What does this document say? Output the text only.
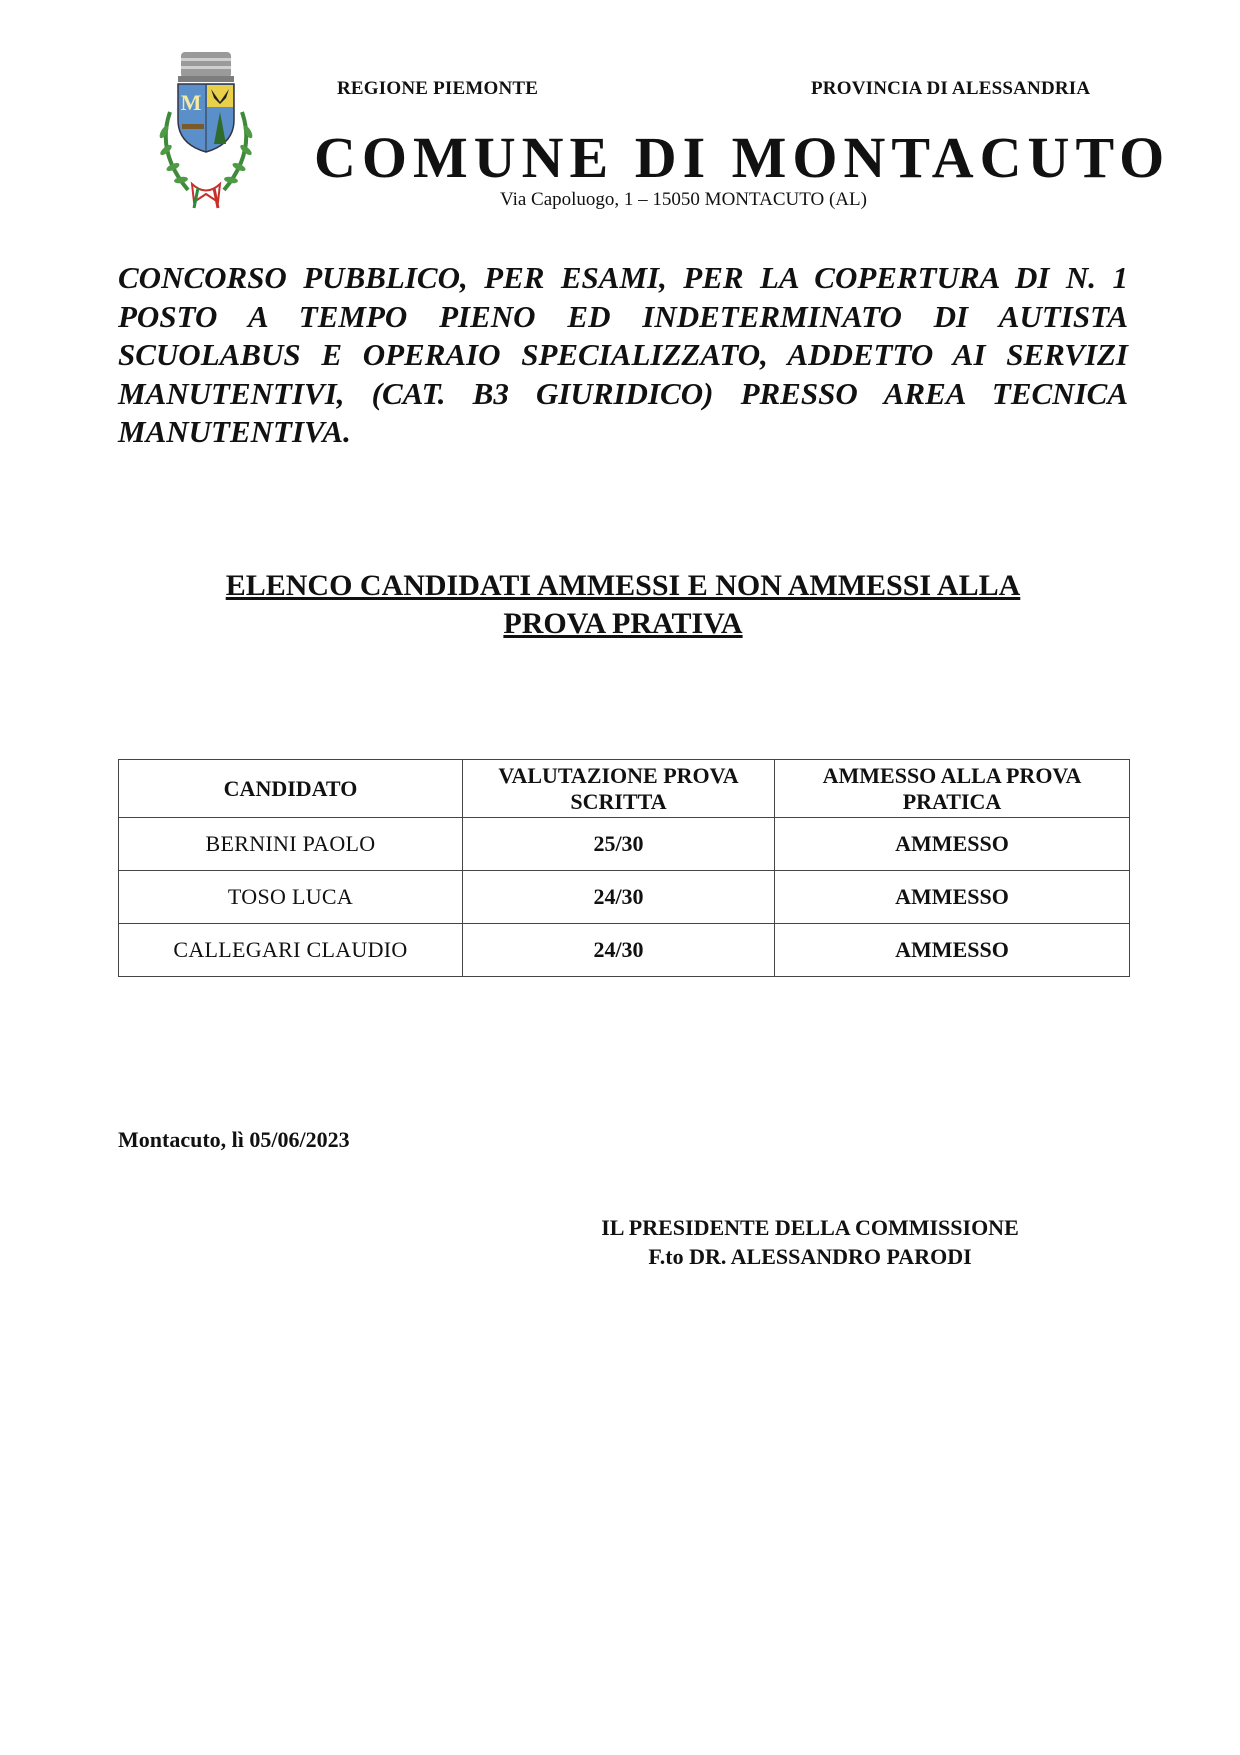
M
REGIONE PIEMONTE	PROVINCIA DI ALESSANDRIA
COMUNE DI MONTACUTO
Via Capoluogo, 1 – 15050 MONTACUTO (AL)
CONCORSO PUBBLICO, PER ESAMI, PER LA COPERTURA DI N. 1 POSTO A TEMPO PIENO ED INDETERMINATO DI AUTISTA SCUOLABUS E OPERAIO SPECIALIZZATO, ADDETTO AI SERVIZI MANUTENTIVI, (CAT. B3 GIURIDICO) PRESSO AREA TECNICA MANUTENTIVA.
ELENCO CANDIDATI AMMESSI E NON AMMESSI ALLA
PROVA PRATIVA
CANDIDATO	VALUTAZIONE PROVA SCRITTA	AMMESSO ALLA PROVA PRATICA
BERNINI PAOLO	25/30	AMMESSO
TOSO LUCA	24/30	AMMESSO
CALLEGARI CLAUDIO	24/30	AMMESSO
Montacuto, lì 05/06/2023
IL PRESIDENTE DELLA COMMISSIONE
F.to DR. ALESSANDRO PARODI
